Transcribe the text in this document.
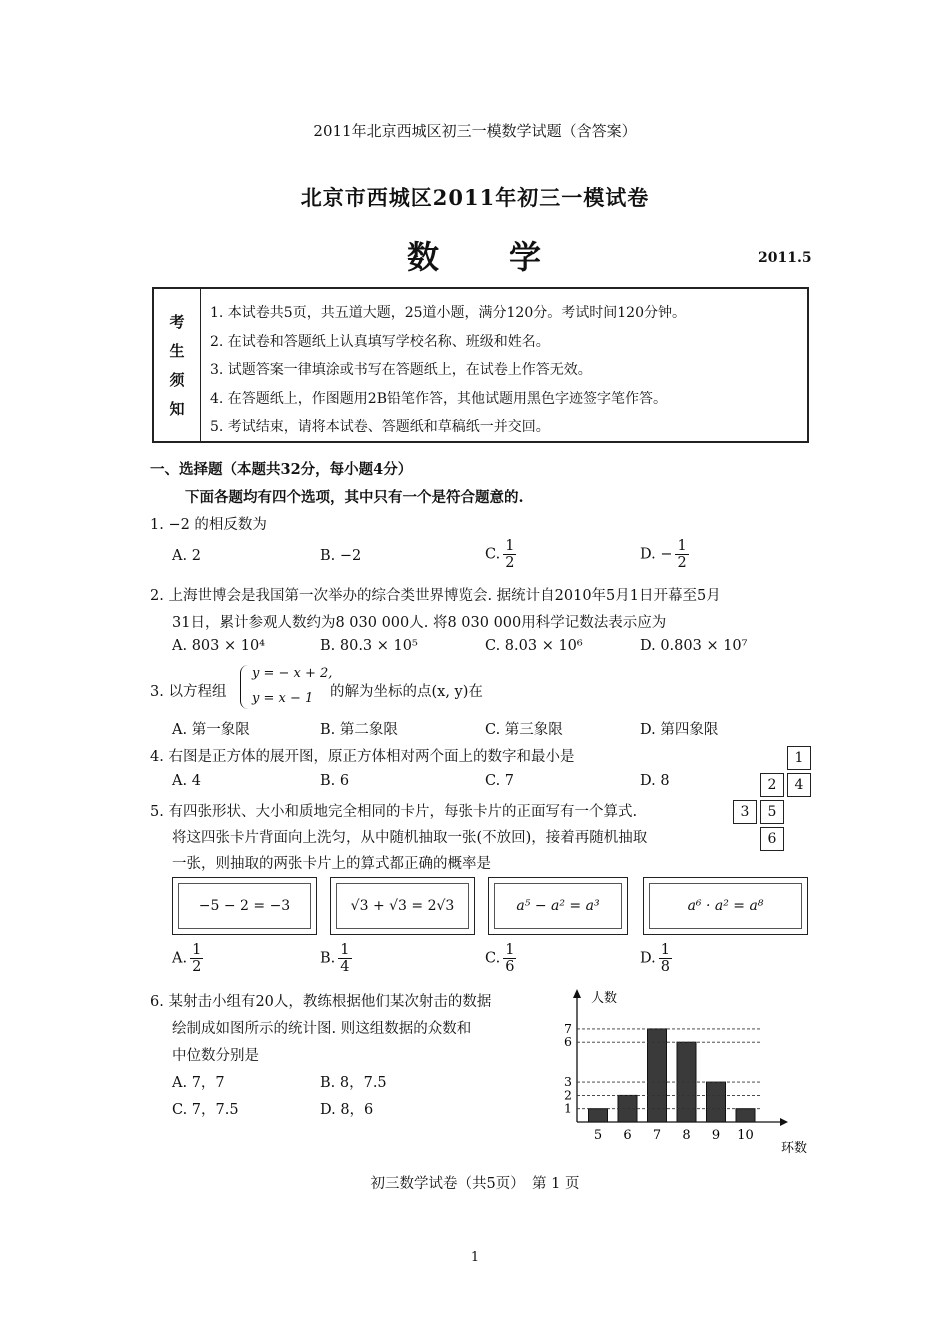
2011年北京西城区初三一模数学试题（含答案）
北京市西城区2011年初三一模试卷
数　　学	2011.5
考
生
须
知
1. 本试卷共5页，共五道大题，25道小题，满分120分。考试时间120分钟。
2. 在试卷和答题纸上认真填写学校名称、班级和姓名。
3. 试题答案一律填涂或书写在答题纸上，在试卷上作答无效。
4. 在答题纸上，作图题用2B铅笔作答，其他试题用黑色字迹签字笔作答。
5. 考试结束，请将本试卷、答题纸和草稿纸一并交回。
一、选择题（本题共32分，每小题4分）
下面各题均有四个选项，其中只有一个是符合题意的.
1. −2 的相反数为
A. 2	B. −2	C. $\frac{1}{2}$	D. − $\frac{1}{2}$
2. 上海世博会是我国第一次举办的综合类世界博览会. 据统计自2010年5月1日开幕至5月
31日，累计参观人数约为8 030 000人. 将8 030 000用科学记数法表示应为
A. 803 × 10⁴	B. 80.3 × 10⁵	C. 8.03 × 10⁶	D. 0.803 × 10⁷
3. 以方程组
y = − x + 2,
y = x − 1 的解为坐标的点(x, y)在
A. 第一象限	B. 第二象限	C. 第三象限	D. 第四象限
4. 右图是正方体的展开图，原正方体相对两个面上的数字和最小是
A. 4	B. 6	C. 7	D. 8
1
2	4
3	5
6
5. 有四张形状、大小和质地完全相同的卡片，每张卡片的正面写有一个算式.
将这四张卡片背面向上洗匀，从中随机抽取一张(不放回)，接着再随机抽取
一张，则抽取的两张卡片上的算式都正确的概率是
−5 − 2 = −3	√3 + √3 = 2√3	a⁵ − a² = a³	a⁶ · a² = a⁸
A. $\frac{1}{2}$	B. $\frac{1}{4}$	C. $\frac{1}{6}$	D. $\frac{1}{8}$
6. 某射击小组有20人，教练根据他们某次射击的数据
绘制成如图所示的统计图. 则这组数据的众数和
中位数分别是
A. 7，7	B. 8，7.5
C. 7，7.5	D. 8，6
人数
环数
5 6 7 8 9 10
1
2
3
6
7
初三数学试卷（共5页）　第 1 页
1
